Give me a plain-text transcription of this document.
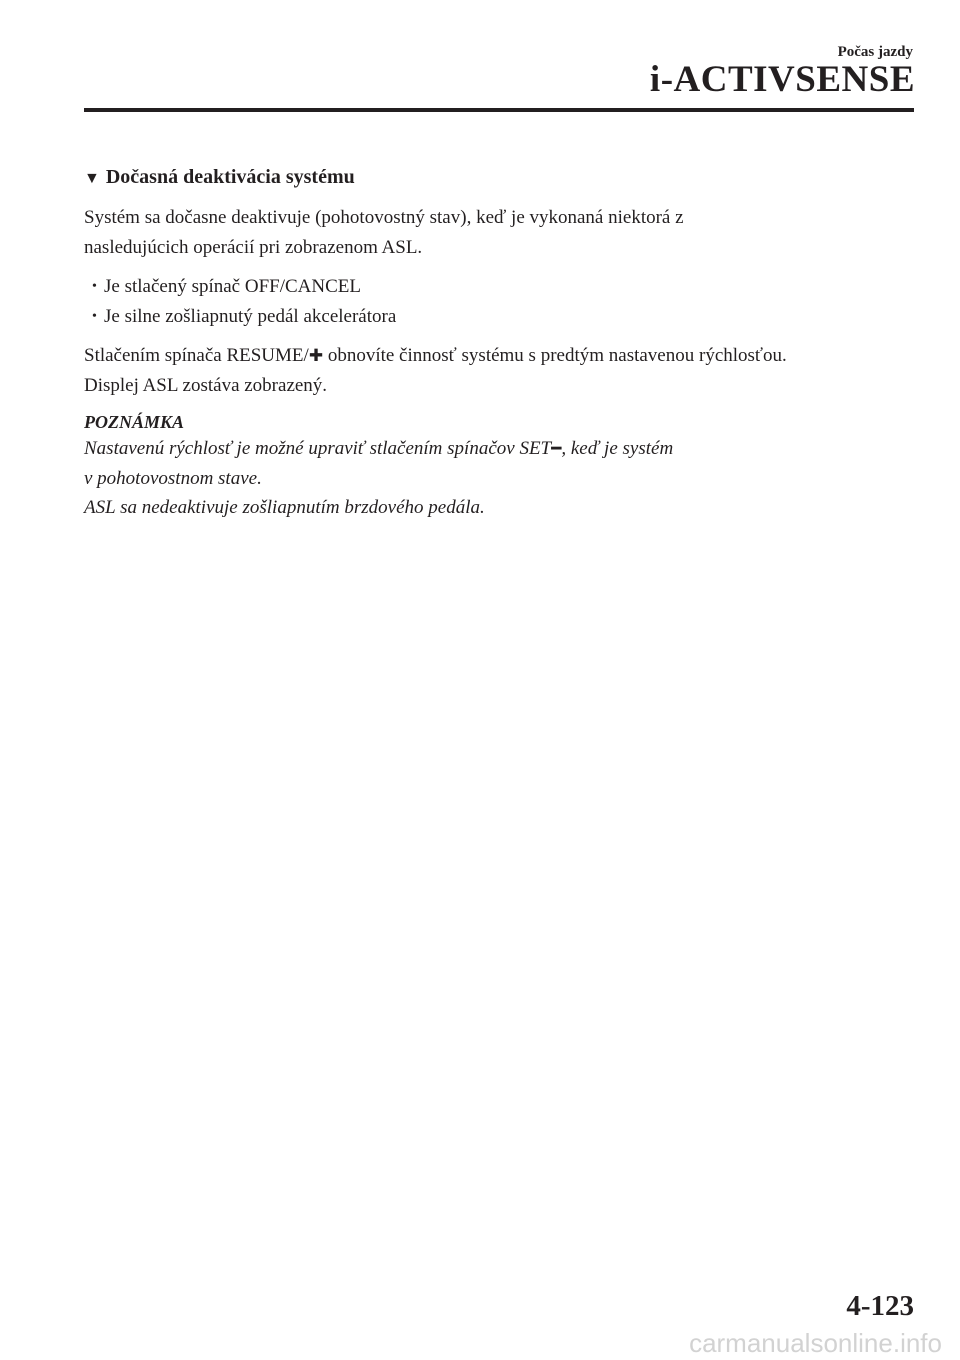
Počas jazdy
i-ACTIVSENSE
▼ Dočasná deaktivácia systému
Systém sa dočasne deaktivuje (pohotovostný stav), keď je vykonaná niektorá z
nasledujúcich operácií pri zobrazenom ASL.
• Je stlačený spínač OFF/CANCEL
• Je silne zošliapnutý pedál akcelerátora
Stlačením spínača RESUME/✚ obnovíte činnosť systému s predtým nastavenou rýchlosťou.
Displej ASL zostáva zobrazený.
POZNÁMKA
Nastavenú rýchlosť je možné upraviť stlačením spínačov SET━, keď je systém
v pohotovostnom stave.
ASL sa nedeaktivuje zošliapnutím brzdového pedála.
4-123
carmanualsonline.info
